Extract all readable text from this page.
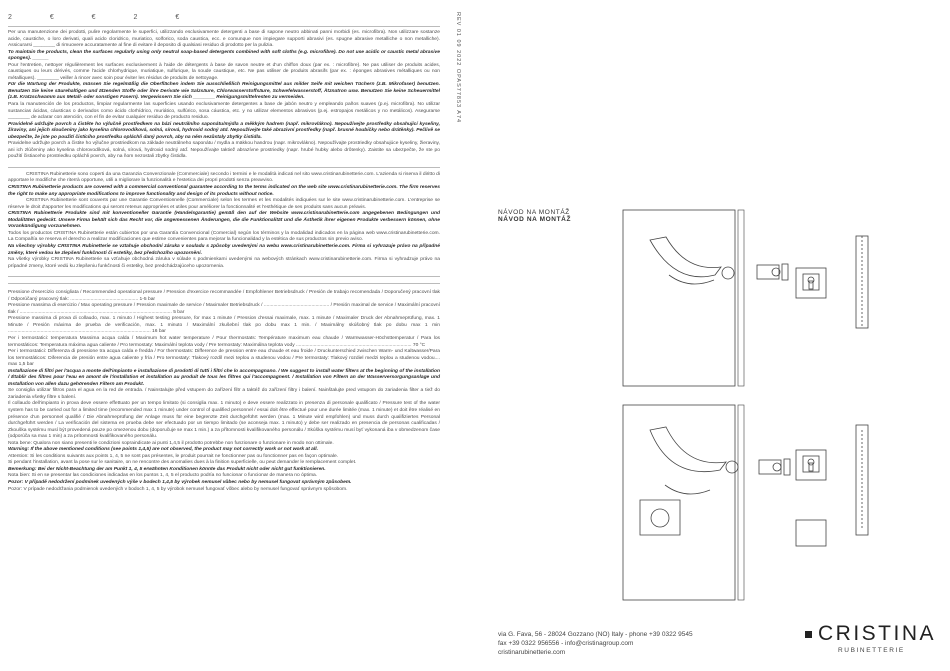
2 € € 2 €

Per una manutenzione dei prodotti, pulire regolarmente le superfici, utilizzando esclusivamente detergenti a base di sapone neutro abbinati panni morbidi (es. microfibra). Non utilizzare sostanze acide, caustiche, o loro derivati, quali acido cloridrico, muriatico, solforico, soda caustica, ecc. e comunque non impiegare supporti abrasivi (es. spugne abrasive metalliche o non metalliche). Assicurarsi ________ di rimuovere accuratamente al fine di evitare il deposito di qualsiasi residuo di prodotto per la pulizia.

To maintain the products, clean the surfaces regularly using only neutral soap-based detergents combined with soft cloths (e.g. microfibre). Do not use acidic or caustic metal abrasive sponges). ______

Pour l'entretien, nettoyer régulièrement les surfaces exclusivement à l'aide de détergents à base de savon neutre et d'un chiffon doux (par ex. : microfibre). Ne pas utiliser de produits acides, caustiques ou leurs dérivés, comme l'acide chlorhydrique, muriatique, sulfurique, la soude caustique, etc. Ne pas utiliser de produits abrasifs (par ex. : éponges abrasives métalliques ou non métalliques). ________ veiller à rincer avec soin pour éviter les résidus de produits de nettoyage.

Für die Wartung der Produkte, müssen Sie regelmäßig die Oberflächen indem Sie ausschließlich Reinigungsmittel aus milder Seife mit weichen Tüchern (z.B. Mikrofaser) benutzen. Benutzen Sie keine säurehaltigen und ätzenden Stoffe oder ihre Derivate wie Salzsäure, Chlorwasserstoffsäure, Schwefelwasserstoff, Ätznatron usw. Benutzen Sie keine Scheuermittel (z.B. Kratzschwamm aus Metall- oder sonstigen Fasern). Vergewissern Sie sich ________ Reinigungsmittelresten zu vermeiden.

Para la manutención de los productos, limpiar regularmente las superficies usando exclusivamente detergentes a base de jabón neutro y empleando paños suaves (p.ej. microfibra). No utilizar sustancias ácidas, cáusticas o derivados como ácido clorhídrico, muriático, sulfúrico, sosa cáustica, etc. y no utilizar elementos abrasivos (p.ej. estropajos metálicos y no metálicos). Asegurarse ________ de aclarar con atención, con el fin de evitar cualquier residuo de producto residuo.

Pravidelně udržujte povrch a čistěte ho výlučně prostředkem na bázi neutrálního saponátu/mýdla a měkkým hadrem (např. mikrovlákno). Nepoužívejte prostředky obsahující kyseliny, žíraviny, ani jejich sloučeniny jako kyselina chlorovodíková, solná, sírová, hydroxid sodný atd. Nepoužívejte také abrazivní prostředky (např. brusné houbičky nebo drátěnky). Pečlivě se ubezpečte, že jste po použití čistícího prostředku opláchli daný povrch, aby na něm nezůstaly zbytky čistidla.

Pravidelne udržujte povrch a čistite ho výlučne prostriedkom na základe neutrálneho saponátu / mydla a mäkkou handrou (napr. mikrovlákno). Nepoužívajte prostriedky obsahujúce kyseliny, žieraviny, ani ich zlúčeniny ako kyselina chlorovodíková, solná, sírová, hydroxid sodný atď. Nepoužívajte taktiež abrazívne prostriedky (napr. hrubé hubky alebo drôtenky). Zaistite sa ubezpečte, že ste po použití čistiaceho prostriedku opláchli povrch, aby na ňom nezostali zbytky čistidla.

CRISTINA Rubinetterie sono coperti da una Garanzia Convenzionale (Commerciale) secondo i termini e le modalità indicati nel sito www.cristinarubinetterie.com. L'azienda si riserva il diritto di apportare le modifiche che riterrà opportune, utili a migliorare la funzionalità e l'estetica dei propri prodotti senza preavviso.

CRISTINA Rubinetterie products are covered with a commercial conventional guarantee according to the terms indicated on the web site www.cristinarubinetterie.com. The firm reserves the right to make any appropriate modifications to improve functionality and design of its products without notice.

CRISTINA Rubinetterie sont couverts par une Garantie Conventionnelle (Commerciale) selon les termes et les modalités indiquées sur le site www.cristinarubinetterie.com. L'entreprise se réserve le droit d'apporter les modifications qui seront retenus appropriées et utiles pour améliorer la fonctionnalité et l'esthétique de ses produits sans aucun préavis.

CRISTINA Rubinetterie Produkte sind mit konventioneller Garantie (Handelsgarantie) gemäß den auf der Website www.cristinarubinetterie.com angegebenen Bedingungen und Modalitäten gedeckt. Unsere Firma behält sich das Recht vor, die angemessenen Änderungen, die die Funktionalität und die Ästhetik ihrer eigenen Produkte verbessern können, ohne Vorankündigung vorzunehmen.

Todos los productos CRISTINA Rubinetterie están cubiertos por una Garantía Convencional (Comercial) según los términos y la modalidad indicados en la página web www.cristinarubinetterie.com. La Compañía se reserva el derecho a realizar modificaciones que estime convenientes para mejorar la funcionalidad y la estética de sus productos sin previo aviso.

Na všechny výrobky CRISTINA Rubinetterie se vztahuje obchodní záruka v souladu s způsoby uvedenými na webu www.cristinarubinetterie.com. Firma si vyhrazuje právo na případné změny, které vedou ke zlepšení funkčnosti či estetiky, bez předchozího upozornění.

Na všetky výrobky CRISTINA Rubinetterie sa vzťahuje obchodná záruka v súlade s podmienkami uvedenými na webových stránkach www.cristinarubinetterie.com. Firma si vyhradzuje právo na prípadné zmeny, ktoré vedú ku zlepšeniu funkčnosti či estetiky, bez predchádzajúceho upozornenia.

Pressione d'esercizio consigliata / Recommended operational pressure / Pression d'exercice recommandée / Empfohlener Betriebsdruck / Presión de trabajo recomendada / Doporučený pracovní tlak / Odporúčaný pracovný tlak: .................................................. 1-5 bar

Pressione massima di esercizio / Max operating pressure / Pression maximale de service / Maximaler Betriebsdruck / ................................................ / Presión maximal de service / Maximální pracovní tlak / ................................................................................................................ 5 bar

Pressione massima di prova di collaudo, max. 1 minuto / Highest testing pressure, for max 1 minute / Pression d'essai maximale, max. 1 minute / Maximaler Druck der Abnahmeprüfung, max. 1 Minute / Presión máxima de prueba de verificación, max. 1 minuto / Maximální zkušební tlak po dobu max 1 min. / Maximálny skúšobný tlak po dobu max 1 min ......................................................................................................... 16 bar

Per i termostatici: temperatura Massima acqua calda / Maximum hot water temperature / Pour thermostats: Température maximum eau chaude / Warmwasser-Höchsttemperatur / Para los termostáticos: Temperatura máxima agua caliente / Pro termostaty: Maximální teplota vody / Pre termostaty: Maximálna teplota vody ..................................................................................... 70 °C

Per i termostatici: Differenza di pressione tra acqua calda e fredda / For thermostats: Difference de pression entre eau chaude et eau froide / Druckunterschied zwischen Warm- und Kaltwasser/Para los termostáticos: Diferencia de presión entre agua caliente y fría / Pro termostaty: Tlakový rozdíl mezi teplou a studenou vodou / Pre termostaty: Tlakový rozdiel medzi teplou a studenou vodou.... max 1,5 bar

Installazione di filtri per l'acqua a monte dell'impianto e installazione di prodotti di tutti i filtri che lo accompagnano. / We suggest to install water filters at the beginning of the installation / Établir des filtres pour l'eau en amont de l'installation et installation au produit de tous les filtres qui l'accompagnent. / Installation von Filtern an der Wasserversorgungsanlage und Installation von allen dazu gehörenden Filtern am Produkt.

Se consiglia utilizar filtros para el agua en la red de entrada. / Nainstalujte před vstupem do zařízení filtr a taktéž do zařízení filtry i balení. Nainštalujte pred vstupom do zariadenia filter a tiež do zariadenia všetky filtre s balení.

Il collaudo dell'impianto in prova deve essere effettuato per un tempo limitato (si consiglia max. 1 minuto) e deve essere realizzato in presenza di personale qualificato / Pressure test of the water system has to be carried out for a limited time (recommended max 1 minute) under control of qualified personnel / essai doit être effectué pour une durée limitée (max. 1 minute) et doit être réalisé en présence d'un personnel qualifié / Die Abnahmeprüfung der Anlage muss für eine begrenzte Zeit durchgeführt werden (max. 1 Minute wird empfohlen) und muss durch qualifiziertes Personal durchgeführt werden / La verificación del sistema en prueba debe ser efectuado por un tiempo limitado (se aconseja max. 1 minuto) y debe ser realizado en presencia de personas cualificadas / Zkouška systému musí být provedená pouze po omezenou dobu (doporučuje se max 1 min.) a za přítomnosti kvalifikovaného personálu / Skúška systému musí byť vykonaná iba v obmedzenom čase (odporúča sa max 1 min) a za prítomnosti kvalifikovaného personálu.

Nota bene: Qualora non siano presenti le condizioni sopraindicate ai punti 1,4,5 il prodotto potrebbe non funzionare o funzionare in modo non ottimale.

Warning: If the above mentioned conditions (see points 1,4,5) are not observed, the product may not correctly work or not work at all.

Attention: Si les conditions suivants aux points 1, 4, 5 ne sont pas présentes, le produit pourrait ne fonctionner pas ou fonctionner pas en façon optimale.

Si pendant l'installation, avant la pose sur le sanitaire, on ne rencontre des anomalies dues à la finition superficielle, ou peut demander le remplacement complet.

Bemerkung: Bei der Nicht-Beachtung der am Punkt 1, 4, 5 erwähnten Konditionen könnte das Produkt nicht oder nicht gut funktionieren.

Nota bien: Si en se presentar las condiciones indicadas en los puntos 1, 4, 5 el producto podría no funcionar o funcionar de manera no óptima.

Pozor: V případě nedodržení podmínek uvedených výše v bodech 1,4,5 by výrobek nemusel vůbec nebo by nemusel fungovat správným způsobem.

Pozor: V prípade nedodržania podmienok uvedených v bodoch 1, 4, 5 by výrobok nemusel fungovať vôbec alebo by nemusel fungovať správnym spôsobom.

REV 01 09 2022 OPAS77853 A74
NÁVOD NA MONTÁŽ
NÁVOD NA MONTÁŽ
via G. Fava, 56 - 28024 Gozzano (NO) Italy - phone +39 0322 9545
fax +39 0322 956556 - info@cristinagroup.com
cristinarubinetterie.com
CRISTINA
RUBINETTERIE
